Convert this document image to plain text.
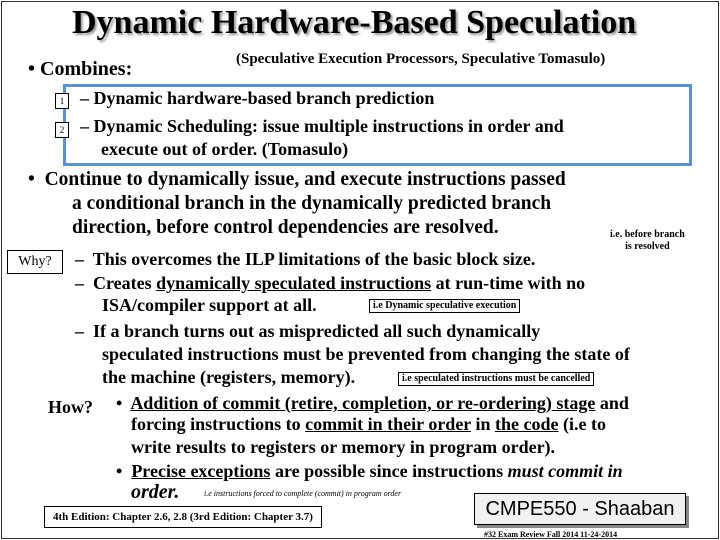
Dynamic Hardware-Based Speculation
• Combines:	(Speculative Execution Processors, Speculative Tomasulo)
1
2
– Dynamic hardware-based branch prediction
– Dynamic Scheduling: issue multiple instructions in order and
execute out of order. (Tomasulo)
•  Continue to dynamically issue, and execute instructions passed
a conditional branch in the dynamically predicted branch
direction, before control dependencies are resolved.	i.e. before branch
is resolved
Why?	–  This overcomes the ILP limitations of the basic block size.
–  Creates dynamically speculated instructions at run-time with no
ISA/compiler support at all.	i.e Dynamic speculative execution
–  If a branch turns out as mispredicted all such dynamically
speculated instructions must be prevented from changing the state of
the machine (registers, memory).	i.e speculated instructions must be cancelled
How? •  Addition of commit (retire, completion, or re-ordering) stage and
forcing instructions to commit in their order in the code (i.e to
write results to registers or memory in program order).
•  Precise exceptions are possible since instructions must commit in
order.	i.e instructions forced to complete (commit) in program order
4th Edition: Chapter 2.6, 2.8 (3rd Edition: Chapter 3.7)	CMPE550 - Shaaban
#32 Exam Review Fall 2014 11-24-2014
